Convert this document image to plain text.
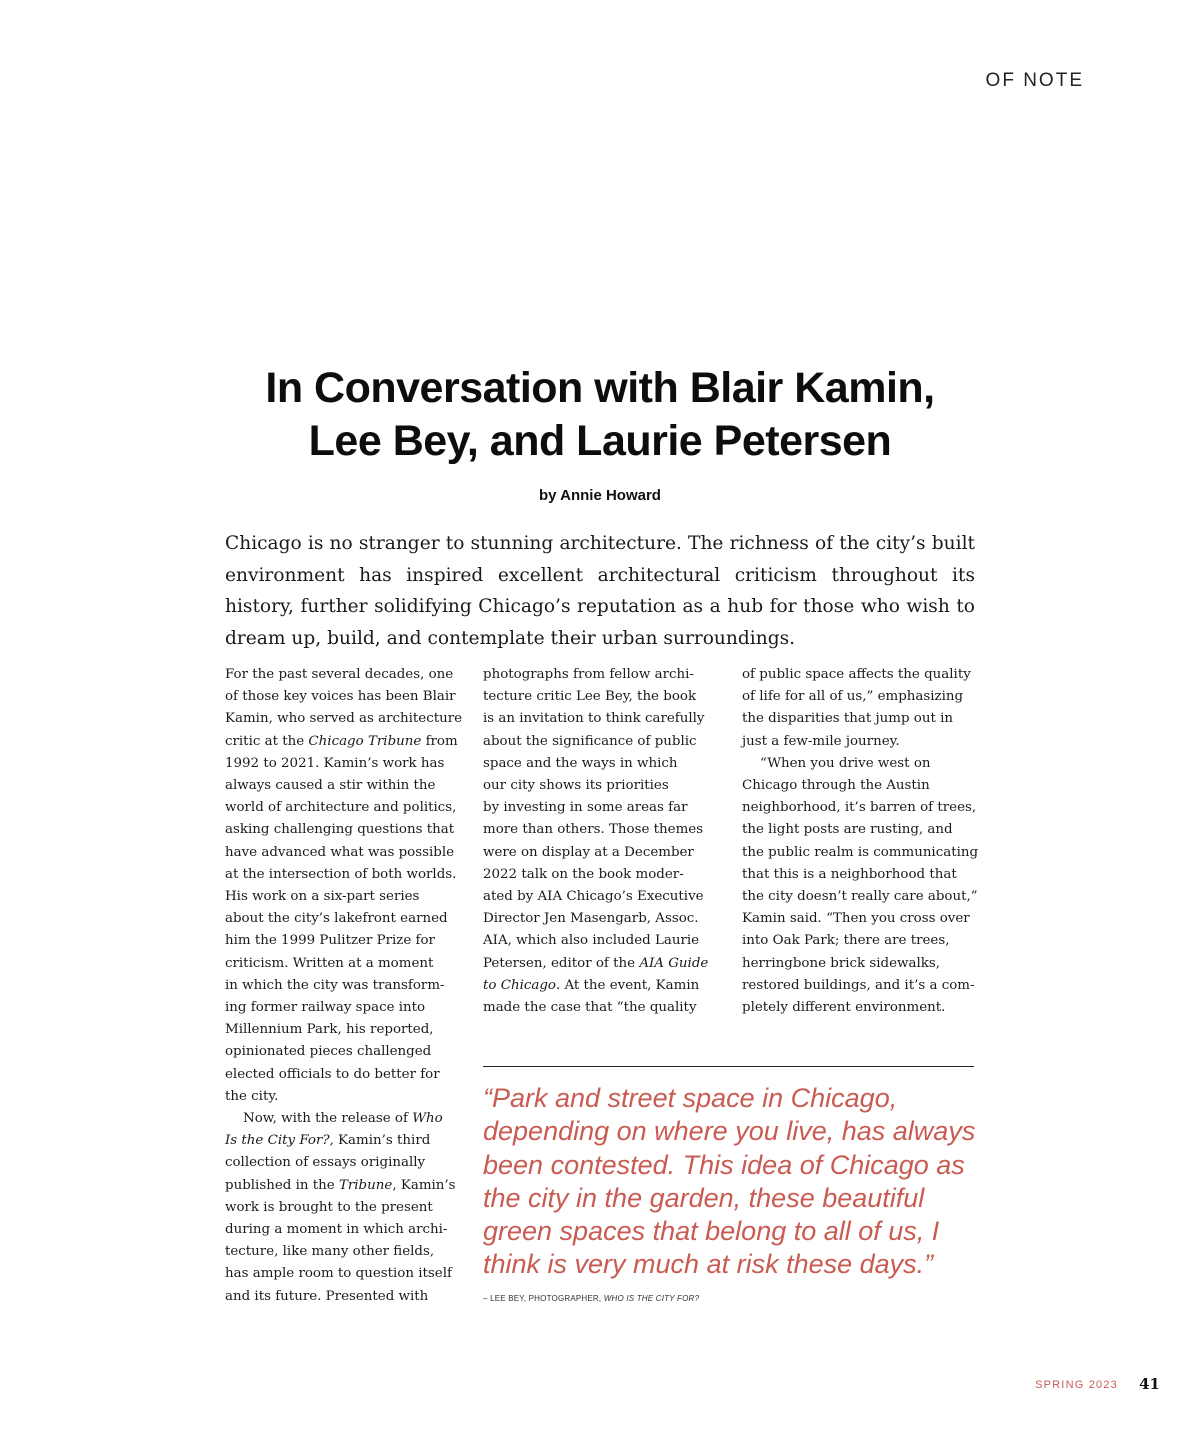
OF NOTE
In Conversation with Blair Kamin,
Lee Bey, and Laurie Petersen
by Annie Howard

Chicago is no stranger to stunning architecture. The richness of the city’s built environment has inspired excellent architectural criticism throughout its history, further solidifying Chicago’s reputation as a hub for those who wish to dream up, build, and contemplate their urban surroundings.

For the past several decades, one
of those key voices has been Blair
Kamin, who served as architecture
critic at the Chicago Tribune from
1992 to 2021. Kamin’s work has
always caused a stir within the
world of architecture and politics,
asking challenging questions that
have advanced what was possible
at the intersection of both worlds.
His work on a six-part series
about the city’s lakefront earned
him the 1999 Pulitzer Prize for
criticism. Written at a moment
in which the city was transform-
ing former railway space into
Millennium Park, his reported,
opinionated pieces challenged
elected officials to do better for
the city.
Now, with the release of Who
Is the City For?, Kamin’s third
collection of essays originally
published in the Tribune, Kamin’s
work is brought to the present
during a moment in which archi-
tecture, like many other fields,
has ample room to question itself
and its future. Presented with
photographs from fellow archi-
tecture critic Lee Bey, the book
is an invitation to think carefully
about the significance of public
space and the ways in which
our city shows its priorities
by investing in some areas far
more than others. Those themes
were on display at a December
2022 talk on the book moder-
ated by AIA Chicago’s Executive
Director Jen Masengarb, Assoc.
AIA, which also included Laurie
Petersen, editor of the AIA Guide
to Chicago. At the event, Kamin
made the case that “the quality
of public space affects the quality
of life for all of us,” emphasizing
the disparities that jump out in
just a few-mile journey.
“When you drive west on
Chicago through the Austin
neighborhood, it’s barren of trees,
the light posts are rusting, and
the public realm is communicating
that this is a neighborhood that
the city doesn’t really care about,”
Kamin said. “Then you cross over
into Oak Park; there are trees,
herringbone brick sidewalks,
restored buildings, and it’s a com-
pletely different environment.
“Park and street space in Chicago,
depending on where you live, has always
been contested. This idea of Chicago as
the city in the garden, these beautiful
green spaces that belong to all of us, I
think is very much at risk these days.”
– LEE BEY, PHOTOGRAPHER, WHO IS THE CITY FOR?
SPRING 2023 41
